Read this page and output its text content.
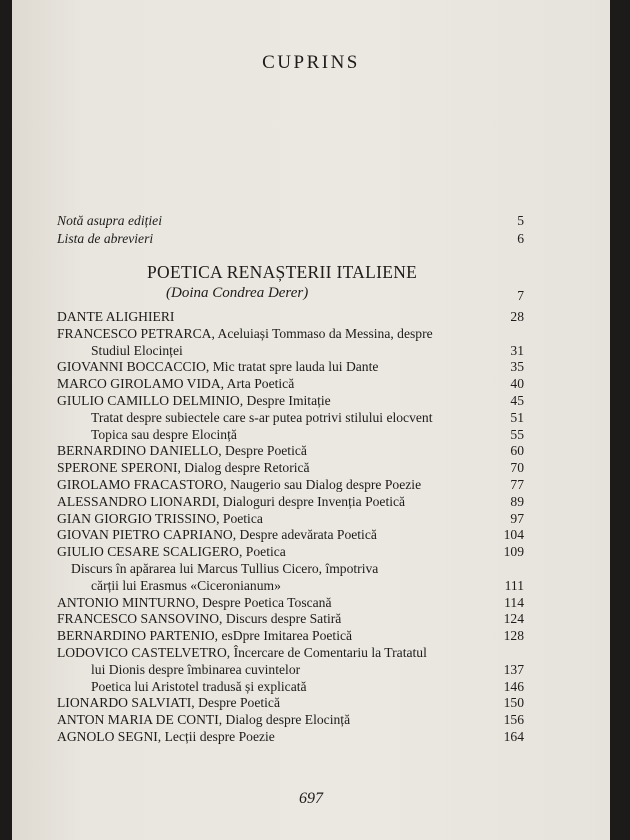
CUPRINS
Notă asupra ediției	5
Lista de abrevieri	6
POETICA RENAȘTERII ITALIENE
(Doina Condrea Derer)	7
DANTE ALIGHIERI	28
FRANCESCO PETRARCA, Aceluiași Tommaso da Messina, despre
Studiul Elocinței	31
GIOVANNI BOCCACCIO, Mic tratat spre lauda lui Dante	35
MARCO GIROLAMO VIDA, Arta Poetică	40
GIULIO CAMILLO DELMINIO, Despre Imitație	45
Tratat despre subiectele care s-ar putea potrivi stilului elocvent	51
Topica sau despre Elocință	55
BERNARDINO DANIELLO, Despre Poetică	60
SPERONE SPERONI, Dialog despre Retorică	70
GIROLAMO FRACASTORO, Naugerio sau Dialog despre Poezie	77
ALESSANDRO LIONARDI, Dialoguri despre Invenția Poetică	89
GIAN GIORGIO TRISSINO, Poetica	97
GIOVAN PIETRO CAPRIANO, Despre adevărata Poetică	104
GIULIO CESARE SCALIGERO, Poetica	109
Discurs în apărarea lui Marcus Tullius Cicero, împotriva
cărții lui Erasmus «Ciceronianum»	111
ANTONIO MINTURNO, Despre Poetica Toscană	114
FRANCESCO SANSOVINO, Discurs despre Satiră	124
BERNARDINO PARTENIO, esDpre Imitarea Poetică	128
LODOVICO CASTELVETRO, Încercare de Comentariu la Tratatul
lui Dionis despre îmbinarea cuvintelor	137
Poetica lui Aristotel tradusă și explicată	146
LIONARDO SALVIATI, Despre Poetică	150
ANTON MARIA DE CONTI, Dialog despre Elocință	156
AGNOLO SEGNI, Lecții despre Poezie	164
697
